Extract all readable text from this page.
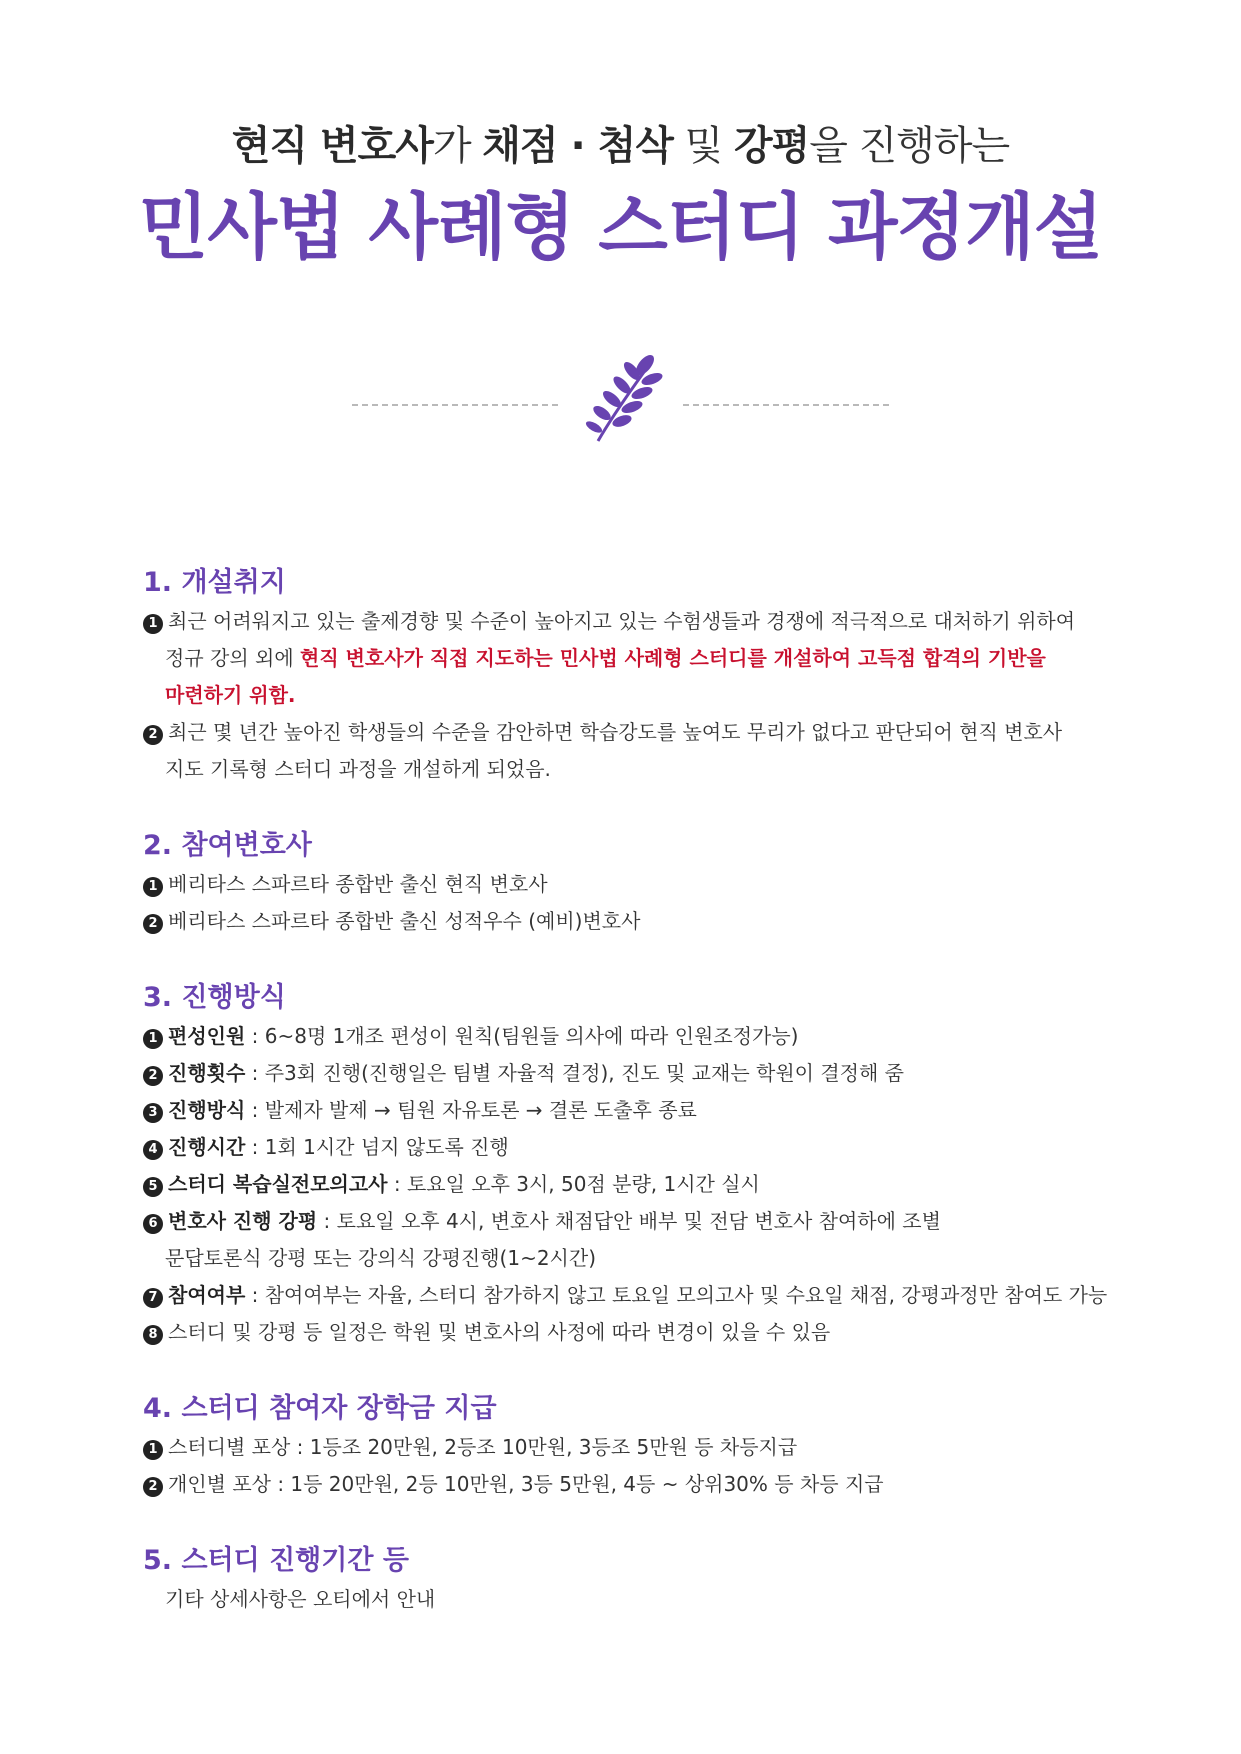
현직 변호사가 채점 · 첨삭 및 강평을 진행하는
민사법 사례형 스터디 과정개설
1. 개설취지
1 최근 어려워지고 있는 출제경향 및 수준이 높아지고 있는 수험생들과 경쟁에 적극적으로 대처하기 위하여
정규 강의 외에 현직 변호사가 직접 지도하는 민사법 사례형 스터디를 개설하여 고득점 합격의 기반을
마련하기 위함.
2 최근 몇 년간 높아진 학생들의 수준을 감안하면 학습강도를 높여도 무리가 없다고 판단되어 현직 변호사
지도 기록형 스터디 과정을 개설하게 되었음.
2. 참여변호사
1 베리타스 스파르타 종합반 출신 현직 변호사
2 베리타스 스파르타 종합반 출신 성적우수 (예비)변호사
3. 진행방식
1 편성인원 : 6~8명 1개조 편성이 원칙(팀원들 의사에 따라 인원조정가능)
2 진행횟수 : 주3회 진행(진행일은 팀별 자율적 결정), 진도 및 교재는 학원이 결정해 줌
3 진행방식 : 발제자 발제 → 팀원 자유토론 → 결론 도출후 종료
4 진행시간 : 1회 1시간 넘지 않도록 진행
5 스터디 복습실전모의고사 : 토요일 오후 3시, 50점 분량, 1시간 실시
6 변호사 진행 강평 : 토요일 오후 4시, 변호사 채점답안 배부 및 전담 변호사 참여하에 조별
문답토론식 강평 또는 강의식 강평진행(1~2시간)
7 참여여부 : 참여여부는 자율, 스터디 참가하지 않고 토요일 모의고사 및 수요일 채점, 강평과정만 참여도 가능
8 스터디 및 강평 등 일정은 학원 및 변호사의 사정에 따라 변경이 있을 수 있음
4. 스터디 참여자 장학금 지급
1 스터디별 포상 : 1등조 20만원, 2등조 10만원, 3등조 5만원 등 차등지급
2 개인별 포상 : 1등 20만원, 2등 10만원, 3등 5만원, 4등 ~ 상위30% 등 차등 지급
5. 스터디 진행기간 등
기타 상세사항은 오티에서 안내
